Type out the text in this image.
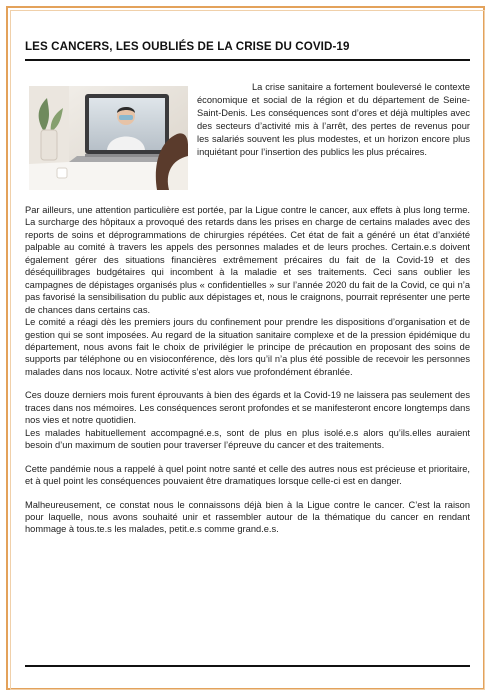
LES CANCERS, LES OUBLIÉS DE LA CRISE DU COVID-19

La crise sanitaire a fortement bouleversé le contexte économique et social de la région et du département de Seine-Saint-Denis. Les conséquences sont d’ores et déjà multiples avec des secteurs d’activité mis à l’arrêt, des pertes de revenus pour les salariés souvent les plus modestes, et un horizon encore plus inquiétant pour l’insertion des publics les plus précaires.

Par ailleurs, une attention particulière est portée, par la Ligue contre le cancer, aux effets à plus long terme. La surcharge des hôpitaux a provoqué des retards dans les prises en charge de certains malades avec des reports de soins et déprogrammations de chirurgies répétées. Cet état de fait a généré un état d’anxiété palpable au comité à travers les appels des personnes malades et de leurs proches. Certain.e.s doivent également gérer des situations financières extrêmement précaires du fait de la Covid-19 et des déséquilibrages budgétaires qui incombent à la maladie et ses traitements. Ceci sans oublier les campagnes de dépistages organisés plus « confidentielles » sur l’année 2020 du fait de la Covid, ce qui n’a pas favorisé la sensibilisation du public aux dépistages et, nous le craignons, pourrait représenter une perte de chances dans certains cas.

Le comité a réagi dès les premiers jours du confinement pour prendre les dispositions d’organisation et de gestion qui se sont imposées. Au regard de la situation sanitaire complexe et de la pression épidémique du département, nous avons fait le choix de privilégier le principe de précaution en proposant des soins de supports par téléphone ou en visioconférence, dès lors qu’il n’a plus été possible de recevoir les personnes malades dans nos locaux. Notre activité s’est alors vue profondément ébranlée.

Ces douze derniers mois furent éprouvants à bien des égards et la Covid-19 ne laissera pas seulement des traces dans nos mémoires. Les conséquences seront profondes et se manifesteront encore longtemps dans nos vies et notre quotidien.

Les malades habituellement accompagné.e.s, sont de plus en plus isolé.e.s alors qu’ils.elles auraient besoin d’un maximum de soutien pour traverser l’épreuve du cancer et des traitements.

Cette pandémie nous a rappelé à quel point notre santé et celle des autres nous est précieuse et prioritaire, et à quel point les conséquences pouvaient être dramatiques lorsque celle-ci est en danger.

Malheureusement, ce constat nous le connaissons déjà bien à la Ligue contre le cancer. C’est la raison pour laquelle, nous avons souhaité unir et rassembler autour de la thématique du cancer en rendant hommage à tous.te.s les malades, petit.e.s comme grand.e.s.
